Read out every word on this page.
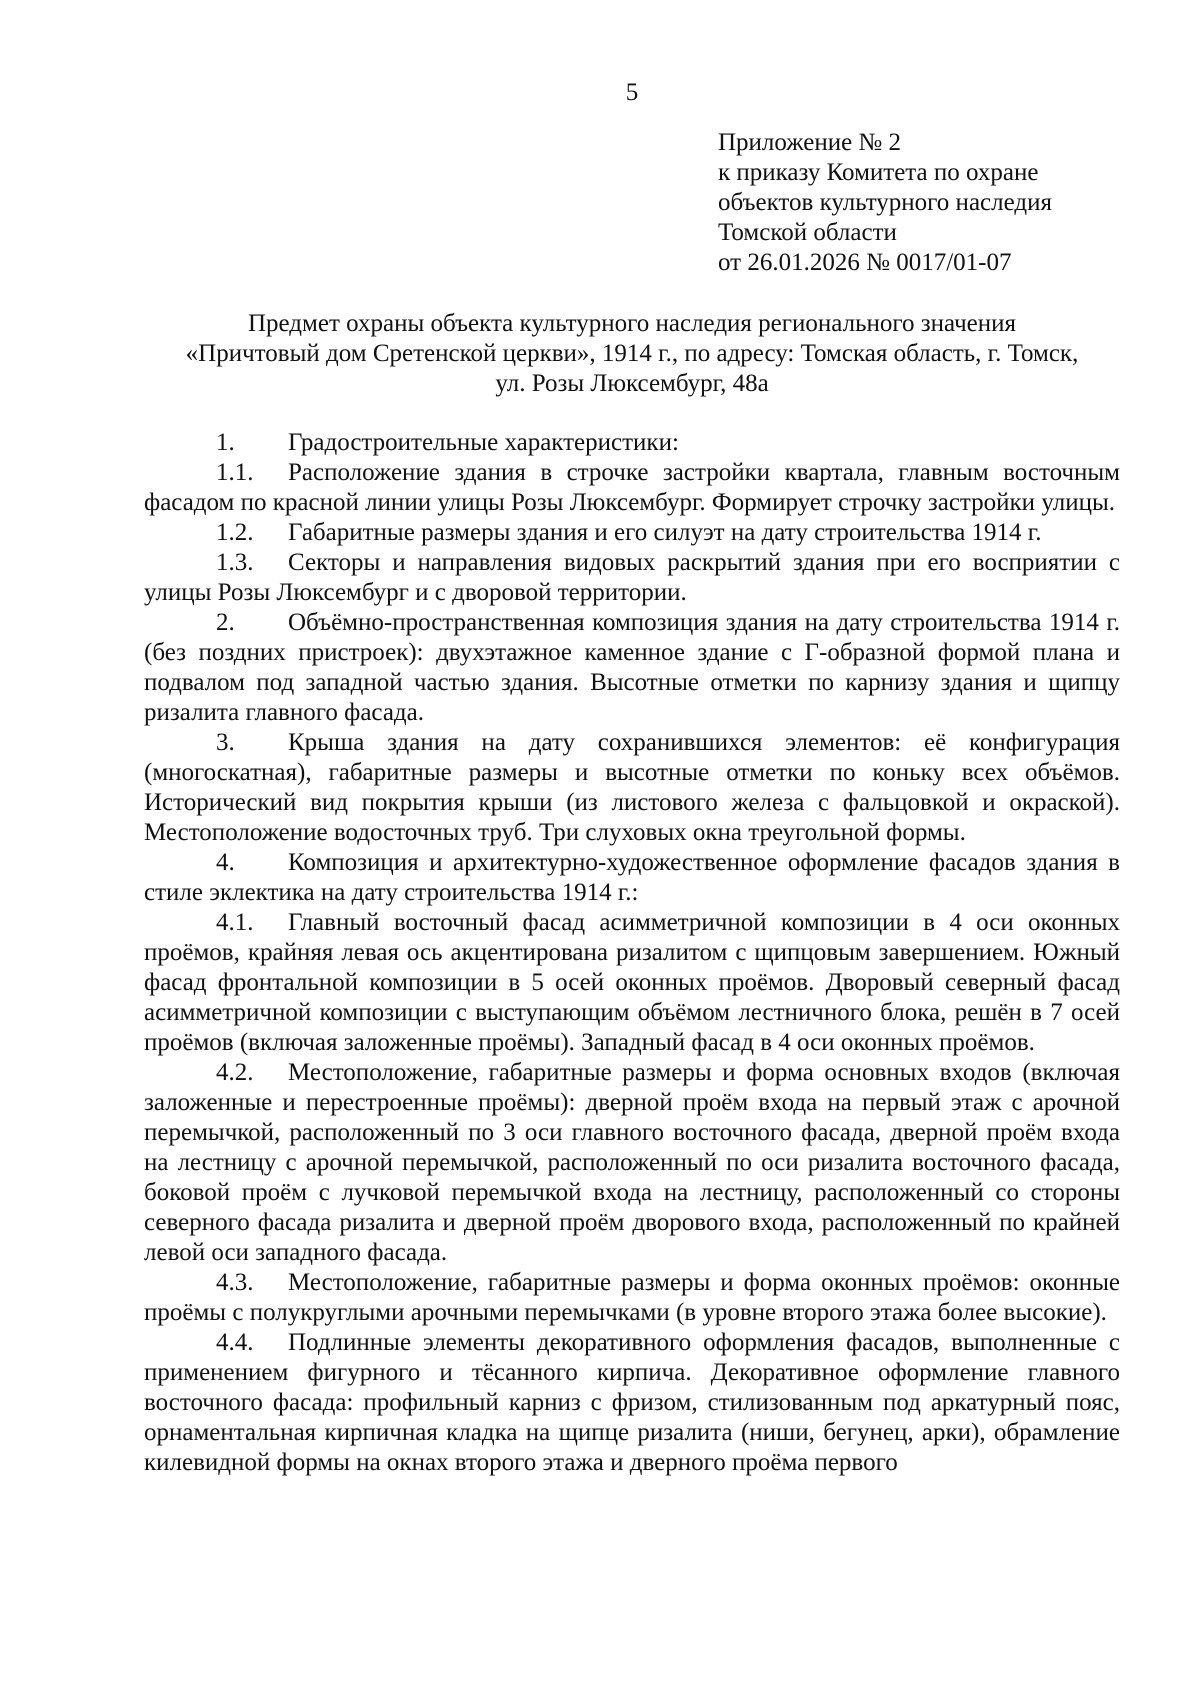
5
Приложение № 2
к приказу Комитета по охране
объектов культурного наследия
Томской области
от 26.01.2026 № 0017/01-07
Предмет охраны объекта культурного наследия регионального значения
«Причтовый дом Сретенской церкви», 1914 г., по адресу: Томская область, г. Томск,
ул. Розы Люксембург, 48а

1. Градостроительные характеристики:

1.1. Расположение здания в строчке застройки квартала, главным восточным фасадом по красной линии улицы Розы Люксембург. Формирует строчку застройки улицы.

1.2. Габаритные размеры здания и его силуэт на дату строительства 1914 г.

1.3. Секторы и направления видовых раскрытий здания при его восприятии с улицы Розы Люксембург и с дворовой территории.

2. Объёмно-пространственная композиция здания на дату строительства 1914 г. (без поздних пристроек): двухэтажное каменное здание с Г-образной формой плана и подвалом под западной частью здания. Высотные отметки по карнизу здания и щипцу ризалита главного фасада.

3. Крыша здания на дату сохранившихся элементов: её конфигурация (многоскатная), габаритные размеры и высотные отметки по коньку всех объёмов. Исторический вид покрытия крыши (из листового железа с фальцовкой и окраской). Местоположение водосточных труб. Три слуховых окна треугольной формы.

4. Композиция и архитектурно-художественное оформление фасадов здания в стиле эклектика на дату строительства 1914 г.:

4.1. Главный восточный фасад асимметричной композиции в 4 оси оконных проёмов, крайняя левая ось акцентирована ризалитом с щипцовым завершением. Южный фасад фронтальной композиции в 5 осей оконных проёмов. Дворовый северный фасад асимметричной композиции с выступающим объёмом лестничного блока, решён в 7 осей проёмов (включая заложенные проёмы). Западный фасад в 4 оси оконных проёмов.

4.2. Местоположение, габаритные размеры и форма основных входов (включая заложенные и перестроенные проёмы): дверной проём входа на первый этаж с арочной перемычкой, расположенный по 3 оси главного восточного фасада, дверной проём входа на лестницу с арочной перемычкой, расположенный по оси ризалита восточного фасада, боковой проём с лучковой перемычкой входа на лестницу, расположенный со стороны северного фасада ризалита и дверной проём дворового входа, расположенный по крайней левой оси западного фасада.

4.3. Местоположение, габаритные размеры и форма оконных проёмов: оконные проёмы с полукруглыми арочными перемычками (в уровне второго этажа более высокие).

4.4. Подлинные элементы декоративного оформления фасадов, выполненные с применением фигурного и тёсанного кирпича. Декоративное оформление главного восточного фасада: профильный карниз с фризом, стилизованным под аркатурный пояс, орнаментальная кирпичная кладка на щипце ризалита (ниши, бегунец, арки), обрамление килевидной формы на окнах второго этажа и дверного проёма первого
